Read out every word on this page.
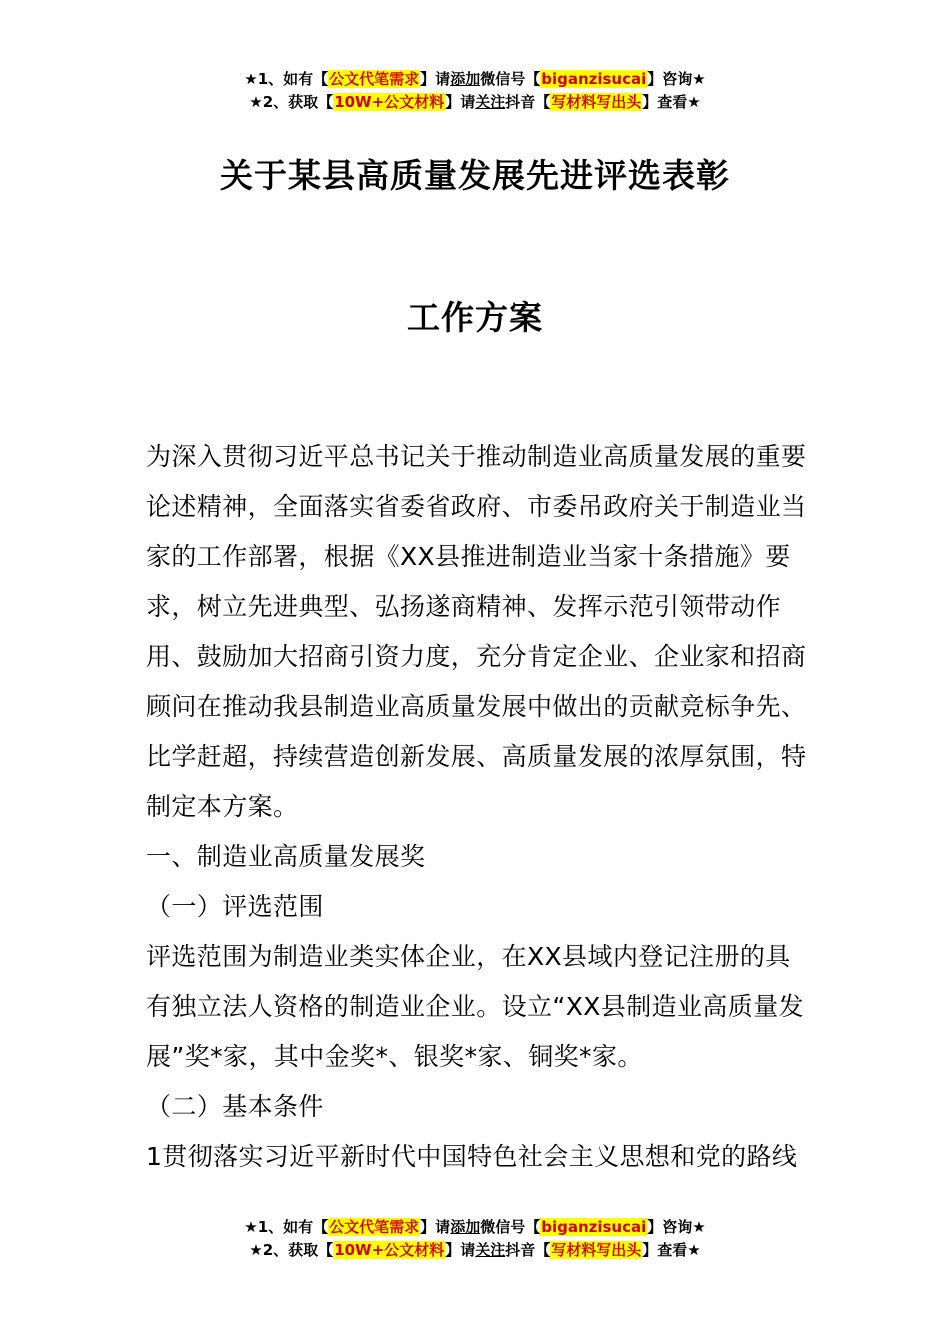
★1、如有【公文代笔需求】请添加微信号【biganzisucai】咨询★
★2、获取【10W+公文材料】请关注抖音【写材料写出头】查看★
关于某县高质量发展先进评选表彰
工作方案

为深入贯彻习近平总书记关于推动制造业高质量发展的重要论述精神，全面落实省委省政府、市委吊政府关于制造业当家的工作部署，根据《XX县推进制造业当家十条措施》要求，树立先进典型、弘扬遂商精神、发挥示范引领带动作用、鼓励加大招商引资力度，充分肯定企业、企业家和招商顾问在推动我县制造业高质量发展中做出的贡献竞标争先、比学赶超，持续营造创新发展、高质量发展的浓厚氛围，特制定本方案。

一、制造业高质量发展奖

（一）评选范围

评选范围为制造业类实体企业，在XX县域内登记注册的具有独立法人资格的制造业企业。设立“XX县制造业高质量发展”奖*家，其中金奖*、银奖*家、铜奖*家。

（二）基本条件

1贯彻落实习近平新时代中国特色社会主义思想和党的路线

★1、如有【公文代笔需求】请添加微信号【biganzisucai】咨询★
★2、获取【10W+公文材料】请关注抖音【写材料写出头】查看★
